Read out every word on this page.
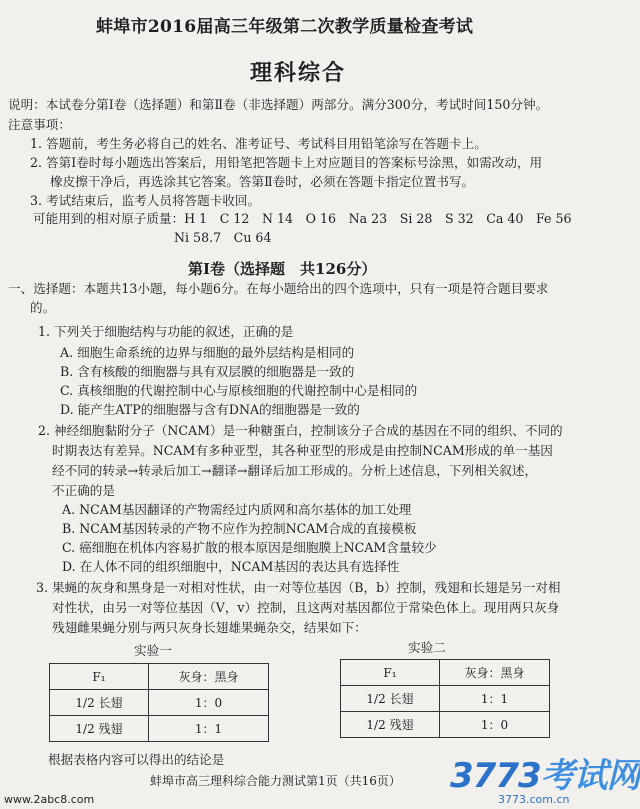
蚌埠市2016届高三年级第二次教学质量检查考试
理科综合
说明：本试卷分第Ⅰ卷（选择题）和第Ⅱ卷（非选择题）两部分。满分300分，考试时间150分钟。
注意事项：
1. 答题前，考生务必将自己的姓名、准考证号、考试科目用铅笔涂写在答题卡上。
2. 答第Ⅰ卷时每小题选出答案后，用铅笔把答题卡上对应题目的答案标号涂黑，如需改动，用
橡皮擦干净后，再选涂其它答案。答第Ⅱ卷时，必须在答题卡指定位置书写。
3. 考试结束后，监考人员将答题卡收回。
可能用到的相对原子质量：H 1　C 12　N 14　O 16　Na 23　Si 28　S 32　Ca 40　Fe 56
Ni 58.7　Cu 64
第Ⅰ卷（选择题　共126分）
一、选择题：本题共13小题，每小题6分。在每小题给出的四个选项中，只有一项是符合题目要求
的。
1. 下列关于细胞结构与功能的叙述，正确的是
A. 细胞生命系统的边界与细胞的最外层结构是相同的
B. 含有核酸的细胞器与具有双层膜的细胞器是一致的
C. 真核细胞的代谢控制中心与原核细胞的代谢控制中心是相同的
D. 能产生ATP的细胞器与含有DNA的细胞器是一致的
2. 神经细胞黏附分子（NCAM）是一种糖蛋白，控制该分子合成的基因在不同的组织、不同的
时期表达有差异。NCAM有多种亚型，其各种亚型的形成是由控制NCAM形成的单一基因
经不同的转录→转录后加工→翻译→翻译后加工形成的。分析上述信息，下列相关叙述，
不正确的是
A. NCAM基因翻译的产物需经过内质网和高尔基体的加工处理
B. NCAM基因转录的产物不应作为控制NCAM合成的直接模板
C. 癌细胞在机体内容易扩散的根本原因是细胞膜上NCAM含量较少
D. 在人体不同的组织细胞中，NCAM基因的表达具有选择性
3. 果蝇的灰身和黑身是一对相对性状，由一对等位基因（B，b）控制，残翅和长翅是另一对相
对性状，由另一对等位基因（V，v）控制，且这两对基因都位于常染色体上。现用两只灰身
残翅雌果蝇分别与两只灰身长翅雄果蝇杂交，结果如下：
实验一
F₁	灰身：黑身
1/2 长翅	1：0
1/2 残翅	1：1
实验二
F₁	灰身：黑身
1/2 长翅	1：1
1/2 残翅	1：0
根据表格内容可以得出的结论是
蚌埠市高三理科综合能力测试第1页（共16页）
www.2abc8.com
3773考试网
3773.com.cn
